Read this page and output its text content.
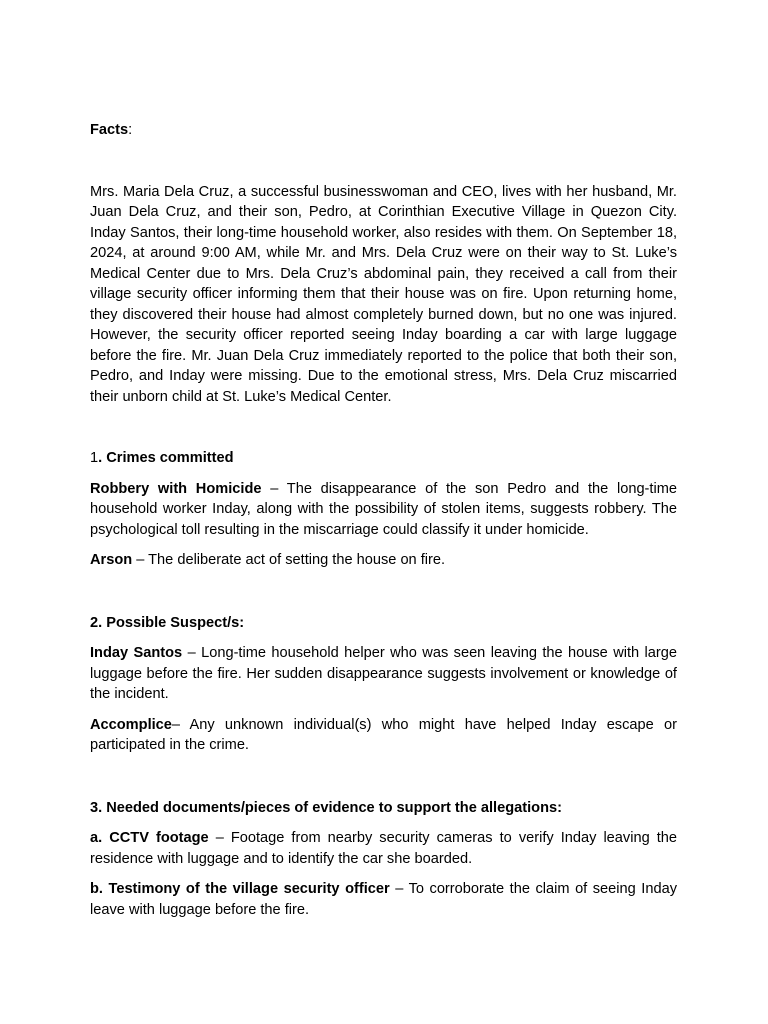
Facts:

Mrs. Maria Dela Cruz, a successful businesswoman and CEO, lives with her husband, Mr. Juan Dela Cruz, and their son, Pedro, at Corinthian Executive Village in Quezon City. Inday Santos, their long-time household worker, also resides with them. On September 18, 2024, at around 9:00 AM, while Mr. and Mrs. Dela Cruz were on their way to St. Luke’s Medical Center due to Mrs. Dela Cruz’s abdominal pain, they received a call from their village security officer informing them that their house was on fire. Upon returning home, they discovered their house had almost completely burned down, but no one was injured. However, the security officer reported seeing Inday boarding a car with large luggage before the fire. Mr. Juan Dela Cruz immediately reported to the police that both their son, Pedro, and Inday were missing. Due to the emotional stress, Mrs. Dela Cruz miscarried their unborn child at St. Luke’s Medical Center.

1. Crimes committed

Robbery with Homicide – The disappearance of the son Pedro and the long-time household worker Inday, along with the possibility of stolen items, suggests robbery. The psychological toll resulting in the miscarriage could classify it under homicide.

Arson – The deliberate act of setting the house on fire.

2. Possible Suspect/s:

Inday Santos – Long-time household helper who was seen leaving the house with large luggage before the fire. Her sudden disappearance suggests involvement or knowledge of the incident.

Accomplice– Any unknown individual(s) who might have helped Inday escape or participated in the crime.

3. Needed documents/pieces of evidence to support the allegations:

a. CCTV footage – Footage from nearby security cameras to verify Inday leaving the residence with luggage and to identify the car she boarded.

b. Testimony of the village security officer – To corroborate the claim of seeing Inday leave with luggage before the fire.
